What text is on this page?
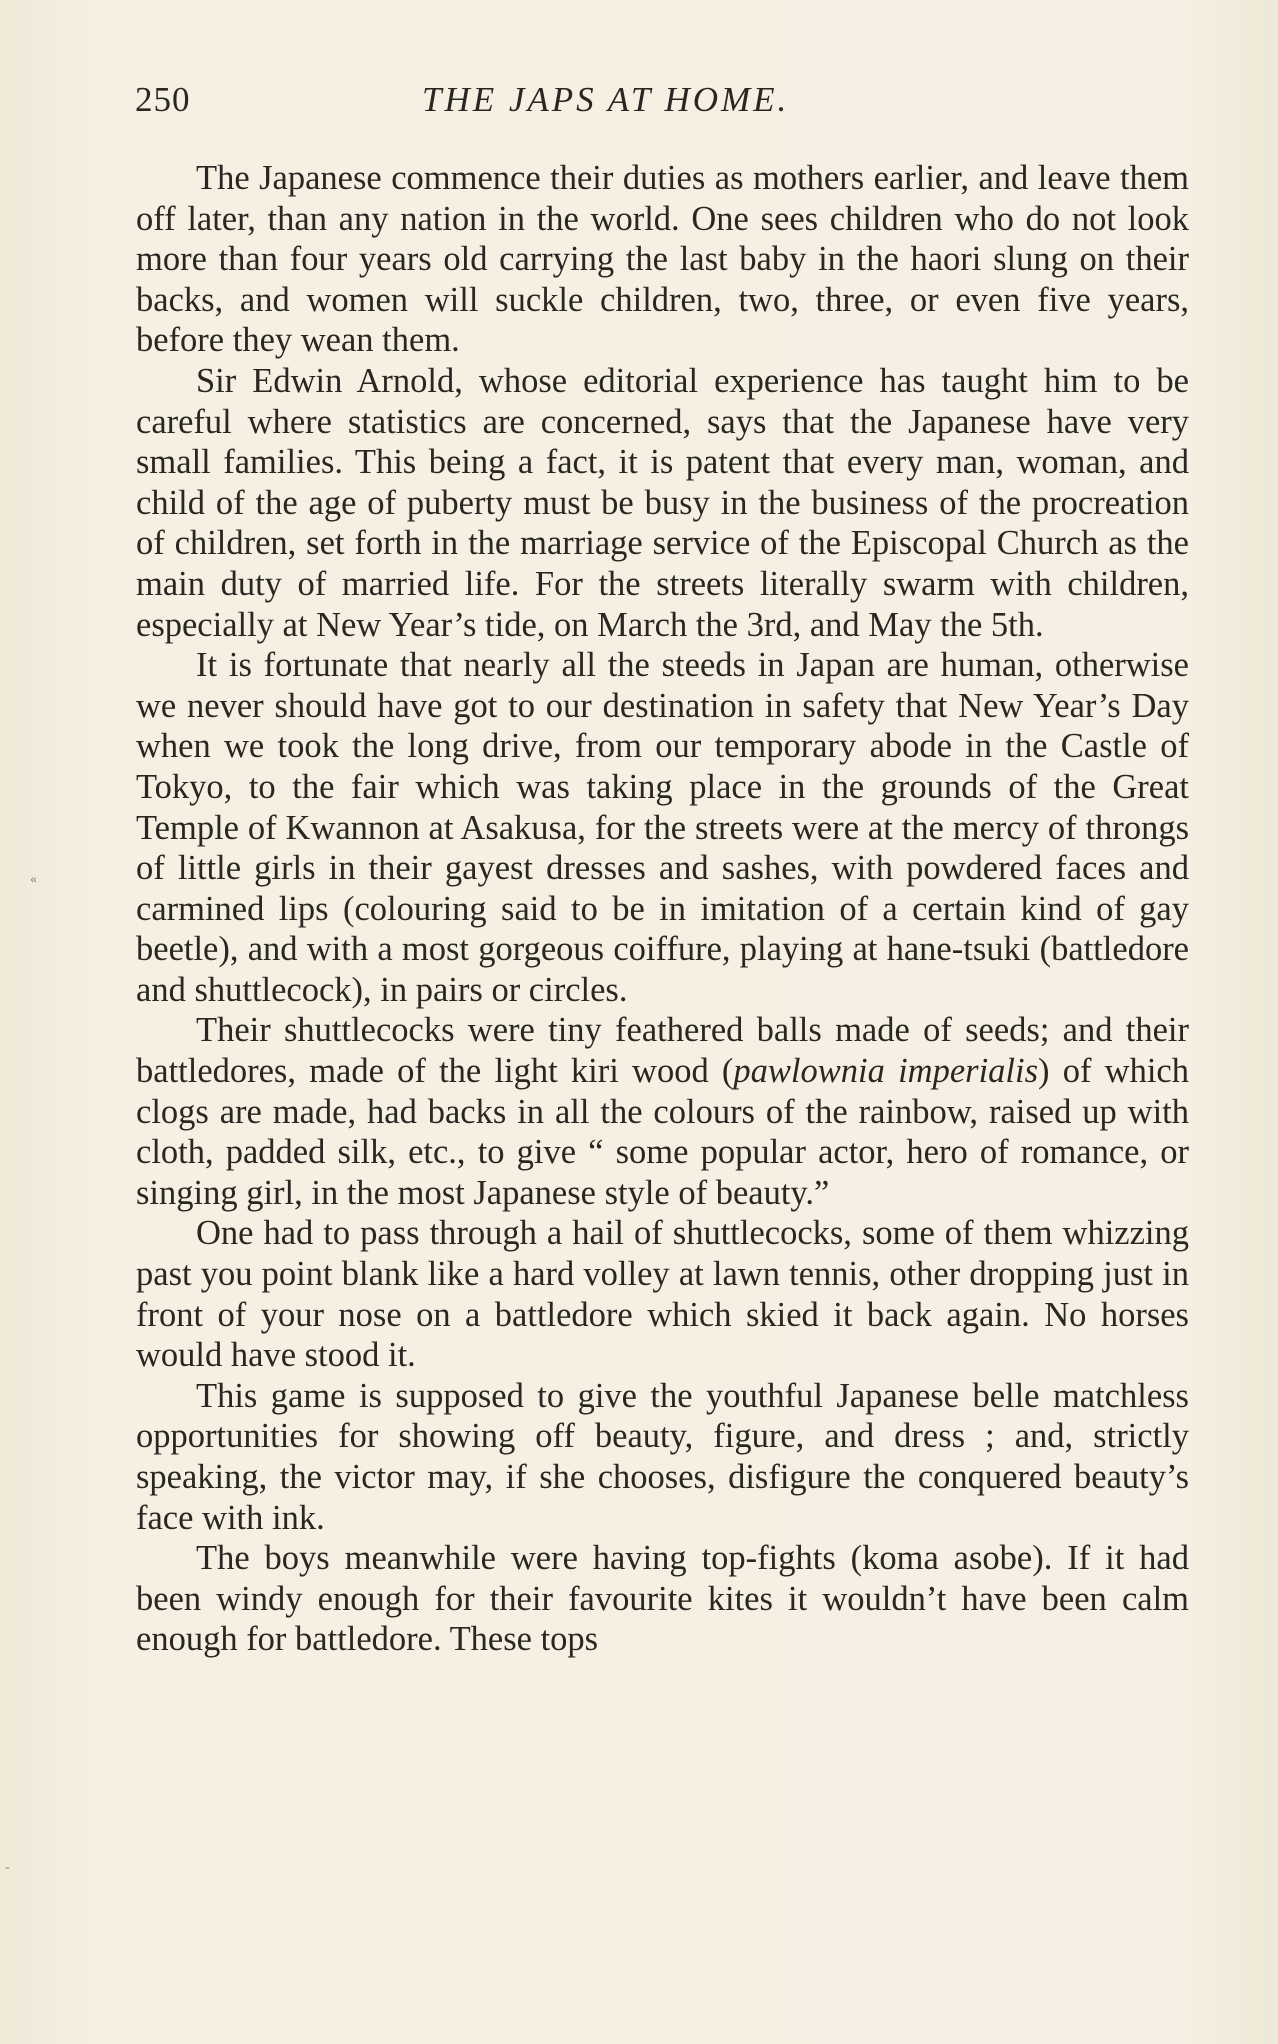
250	THE JAPS AT HOME.

The Japanese commence their duties as mothers earlier, and leave them off later, than any nation in the world. One sees children who do not look more than four years old carrying the last baby in the haori slung on their backs, and women will suckle children, two, three, or even five years, before they wean them.

Sir Edwin Arnold, whose editorial experience has taught him to be careful where statistics are concerned, says that the Japanese have very small families. This being a fact, it is patent that every man, woman, and child of the age of puberty must be busy in the business of the procreation of children, set forth in the marriage service of the Episcopal Church as the main duty of married life. For the streets literally swarm with children, especially at New Year’s tide, on March the 3rd, and May the 5th.

It is fortunate that nearly all the steeds in Japan are human, otherwise we never should have got to our destination in safety that New Year’s Day when we took the long drive, from our temporary abode in the Castle of Tokyo, to the fair which was taking place in the grounds of the Great Temple of Kwannon at Asakusa, for the streets were at the mercy of throngs of little girls in their gayest dresses and sashes, with powdered faces and carmined lips (colouring said to be in imitation of a certain kind of gay beetle), and with a most gorgeous coiffure, playing at hane-tsuki (battledore and shuttlecock), in pairs or circles.

Their shuttlecocks were tiny feathered balls made of seeds; and their battledores, made of the light kiri wood (pawlownia imperialis) of which clogs are made, had backs in all the colours of the rainbow, raised up with cloth, padded silk, etc., to give “ some popular actor, hero of romance, or singing girl, in the most Japanese style of beauty.”

One had to pass through a hail of shuttlecocks, some of them whizzing past you point blank like a hard volley at lawn tennis, other dropping just in front of your nose on a battledore which skied it back again. No horses would have stood it.

This game is supposed to give the youthful Japanese belle matchless opportunities for showing off beauty, figure, and dress ; and, strictly speaking, the victor may, if she chooses, disfigure the conquered beauty’s face with ink.

The boys meanwhile were having top-fights (koma asobe). If it had been windy enough for their favourite kites it wouldn’t have been calm enough for battledore. These tops

«
-
